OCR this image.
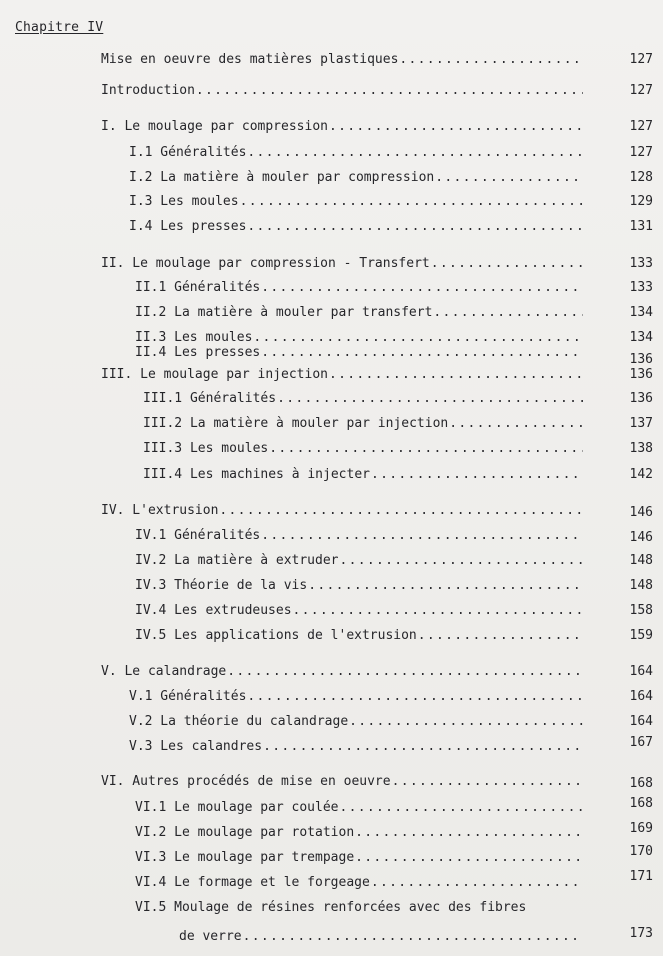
Chapitre IV
Mise en oeuvre des matières plastiques .....	127
Introduction .....	127
I. Le moulage par compression .....	127
I.1 Généralités .....	127
I.2 La matière à mouler par compression .....	128
I.3 Les moules .....	129
I.4 Les presses .....	131
II. Le moulage par compression - Transfert .....	133
II.1 Généralités .....	133
II.2 La matière à mouler par transfert .....	134
II.3 Les moules .....	134
II.4 Les presses .....	136
III. Le moulage par injection .....	136
III.1 Généralités .....	136
III.2 La matière à mouler par injection .....	137
III.3 Les moules .....	138
III.4 Les machines à injecter .....	142
IV. L'extrusion .....	146
IV.1 Généralités .....	146
IV.2 La matière à extruder .....	148
IV.3 Théorie de la vis .....	148
IV.4 Les extrudeuses .....	158
IV.5 Les applications de l'extrusion .....	159
V. Le calandrage .....	164
V.1 Généralités .....	164
V.2 La théorie du calandrage .....	164
V.3 Les calandres .....	167
VI. Autres procédés de mise en oeuvre .....	168
VI.1 Le moulage par coulée .....	168
VI.2 Le moulage par rotation .....	169
VI.3 Le moulage par trempage .....	170
VI.4 Le formage et le forgeage .....	171
VI.5 Moulage de résines renforcées avec des fibres
de verre .....	173
